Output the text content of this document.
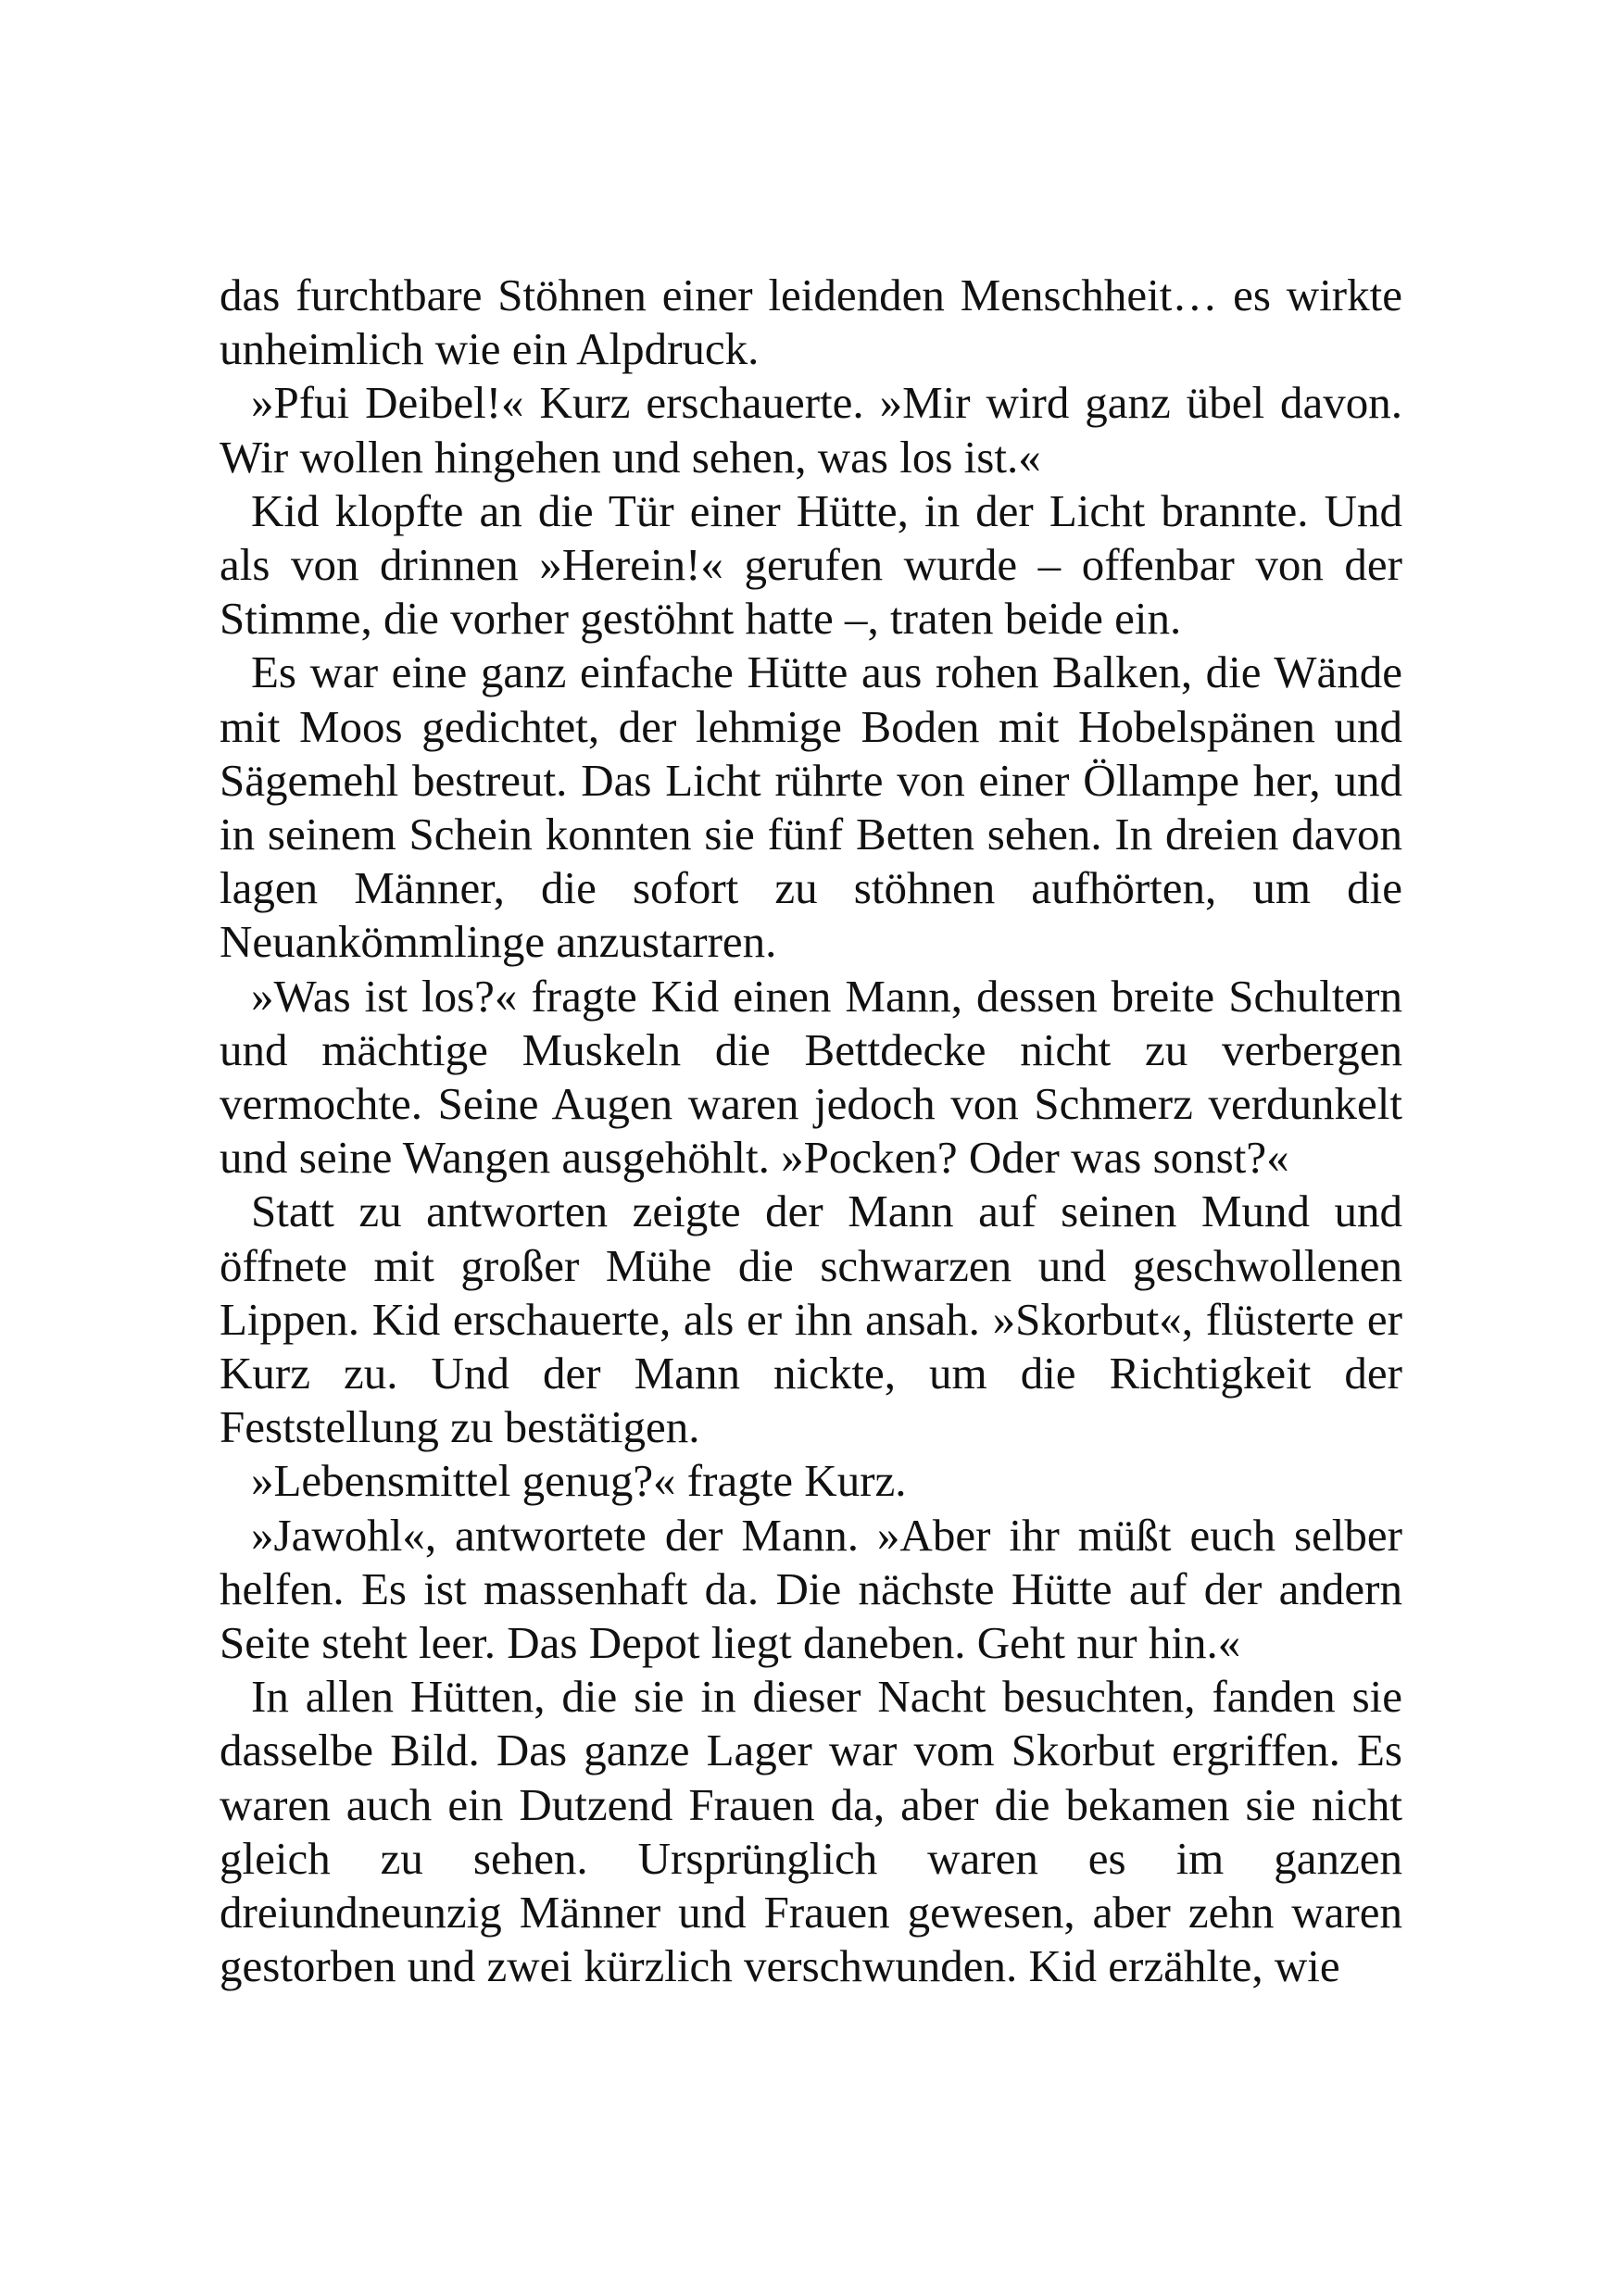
das furchtbare Stöhnen einer leidenden Menschheit… es wirkte unheimlich wie ein Alpdruck.

»Pfui Deibel!« Kurz erschauerte. »Mir wird ganz übel davon. Wir wollen hingehen und sehen, was los ist.«

Kid klopfte an die Tür einer Hütte, in der Licht brannte. Und als von drinnen »Herein!« gerufen wurde – offenbar von der Stimme, die vorher gestöhnt hatte –, traten beide ein.

Es war eine ganz einfache Hütte aus rohen Balken, die Wände mit Moos gedichtet, der lehmige Boden mit Hobelspänen und Sägemehl bestreut. Das Licht rührte von einer Öllampe her, und in seinem Schein konnten sie fünf Betten sehen. In dreien davon lagen Männer, die sofort zu stöhnen aufhörten, um die Neuankömmlinge anzustarren.

»Was ist los?« fragte Kid einen Mann, dessen breite Schultern und mächtige Muskeln die Bettdecke nicht zu verbergen vermochte. Seine Augen waren jedoch von Schmerz verdunkelt und seine Wangen ausgehöhlt. »Pocken? Oder was sonst?«

Statt zu antworten zeigte der Mann auf seinen Mund und öffnete mit großer Mühe die schwarzen und geschwollenen Lippen. Kid erschauerte, als er ihn ansah. »Skorbut«, flüsterte er Kurz zu. Und der Mann nickte, um die Richtigkeit der Feststellung zu bestätigen.

»Lebensmittel genug?« fragte Kurz.

»Jawohl«, antwortete der Mann. »Aber ihr müßt euch selber helfen. Es ist massenhaft da. Die nächste Hütte auf der andern Seite steht leer. Das Depot liegt daneben. Geht nur hin.«

In allen Hütten, die sie in dieser Nacht besuchten, fanden sie dasselbe Bild. Das ganze Lager war vom Skorbut ergriffen. Es waren auch ein Dutzend Frauen da, aber die bekamen sie nicht gleich zu sehen. Ursprünglich waren es im ganzen dreiundneunzig Männer und Frauen gewesen, aber zehn waren gestorben und zwei kürzlich verschwunden. Kid erzählte, wie
